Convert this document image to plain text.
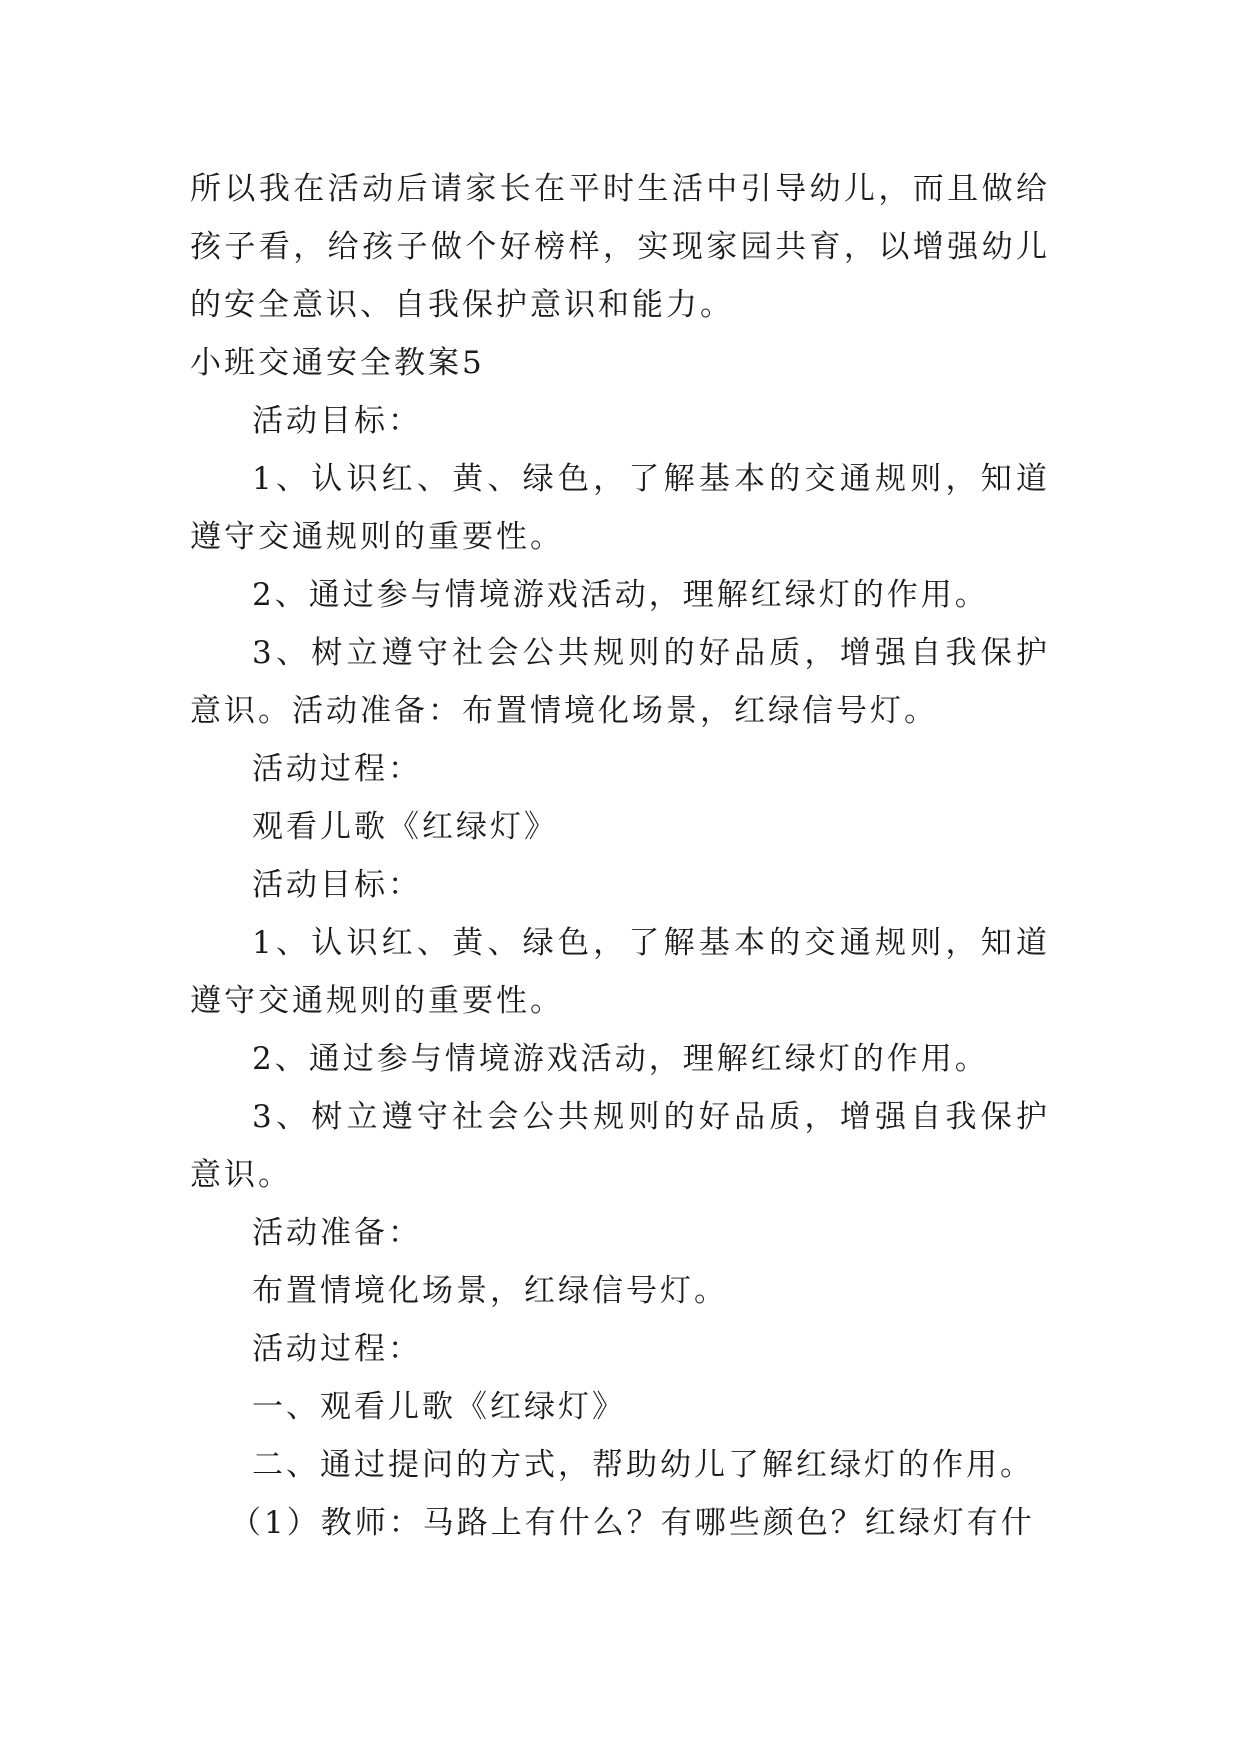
所以我在活动后请家长在平时生活中引导幼儿，而且做给孩子看，给孩子做个好榜样，实现家园共育，以增强幼儿的安全意识、自我保护意识和能力。

小班交通安全教案5

活动目标：

1、认识红、黄、绿色，了解基本的交通规则，知道遵守交通规则的重要性。

2、通过参与情境游戏活动，理解红绿灯的作用。

3、树立遵守社会公共规则的好品质，增强自我保护意识。活动准备：布置情境化场景，红绿信号灯。

活动过程：

观看儿歌《红绿灯》

活动目标：

1、认识红、黄、绿色，了解基本的交通规则，知道遵守交通规则的重要性。

2、通过参与情境游戏活动，理解红绿灯的作用。

3、树立遵守社会公共规则的好品质，增强自我保护意识。

活动准备：

布置情境化场景，红绿信号灯。

活动过程：

一、观看儿歌《红绿灯》

二、通过提问的方式，帮助幼儿了解红绿灯的作用。

（1）教师：马路上有什么？有哪些颜色？红绿灯有什
